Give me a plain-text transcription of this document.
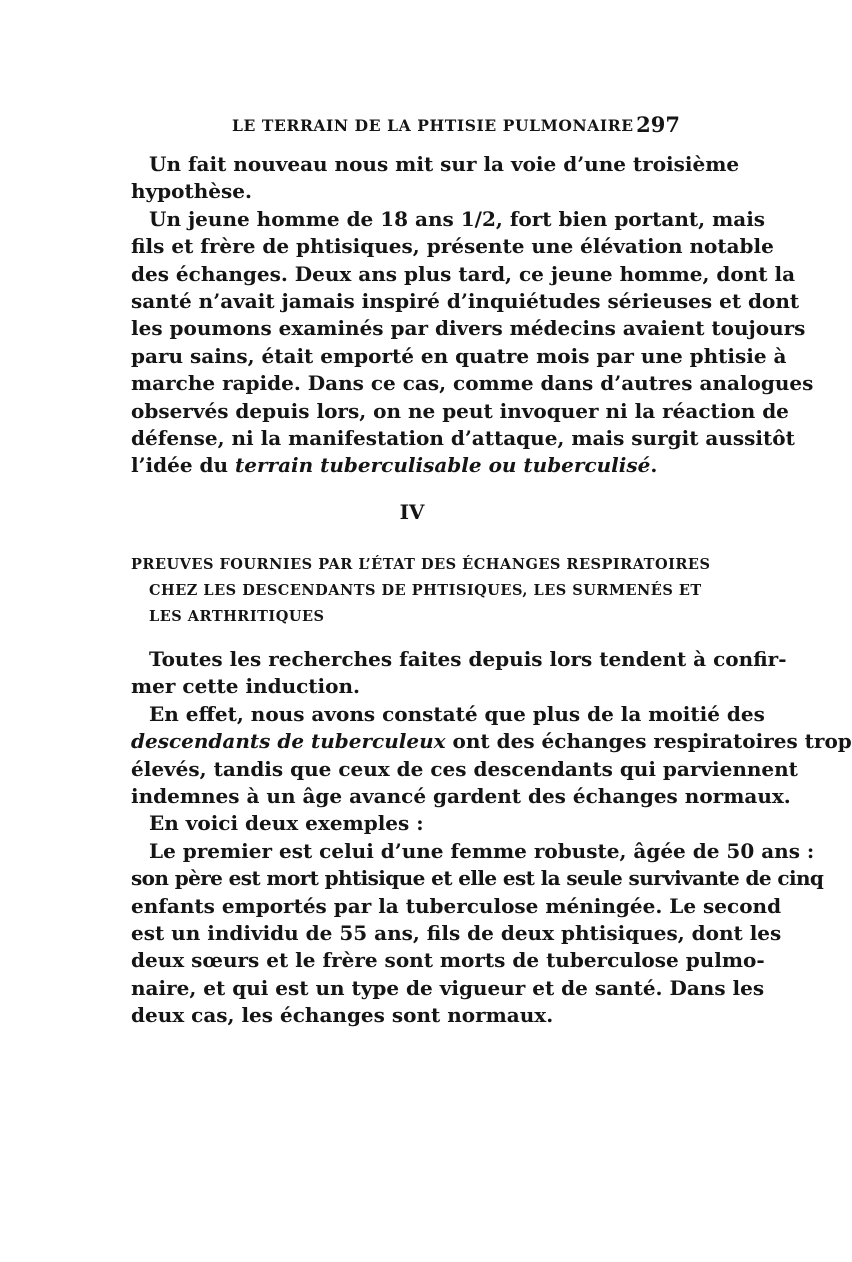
LE TERRAIN DE LA PHTISIE PULMONAIRE 297
Un fait nouveau nous mit sur la voie d’une troisième
hypothèse.
Un jeune homme de 18 ans 1/2, fort bien portant, mais
fils et frère de phtisiques, présente une élévation notable
des échanges. Deux ans plus tard, ce jeune homme, dont la
santé n’avait jamais inspiré d’inquiétudes sérieuses et dont
les poumons examinés par divers médecins avaient toujours
paru sains, était emporté en quatre mois par une phtisie à
marche rapide. Dans ce cas, comme dans d’autres analogues
observés depuis lors, on ne peut invoquer ni la réaction de
défense, ni la manifestation d’attaque, mais surgit aussitôt
l’idée du terrain tuberculisable ou tuberculisé.
IV
PREUVES FOURNIES PAR L’ÉTAT DES ÉCHANGES RESPIRATOIRES
CHEZ LES DESCENDANTS DE PHTISIQUES, LES SURMENÉS ET
LES ARTHRITIQUES
Toutes les recherches faites depuis lors tendent à confir-
mer cette induction.
En effet, nous avons constaté que plus de la moitié des
descendants de tuberculeux ont des échanges respiratoires trop
élevés, tandis que ceux de ces descendants qui parviennent
indemnes à un âge avancé gardent des échanges normaux.
En voici deux exemples :
Le premier est celui d’une femme robuste, âgée de 50 ans :
son père est mort phtisique et elle est la seule survivante de cinq
enfants emportés par la tuberculose méningée. Le second
est un individu de 55 ans, fils de deux phtisiques, dont les
deux sœurs et le frère sont morts de tuberculose pulmo-
naire, et qui est un type de vigueur et de santé. Dans les
deux cas, les échanges sont normaux.
